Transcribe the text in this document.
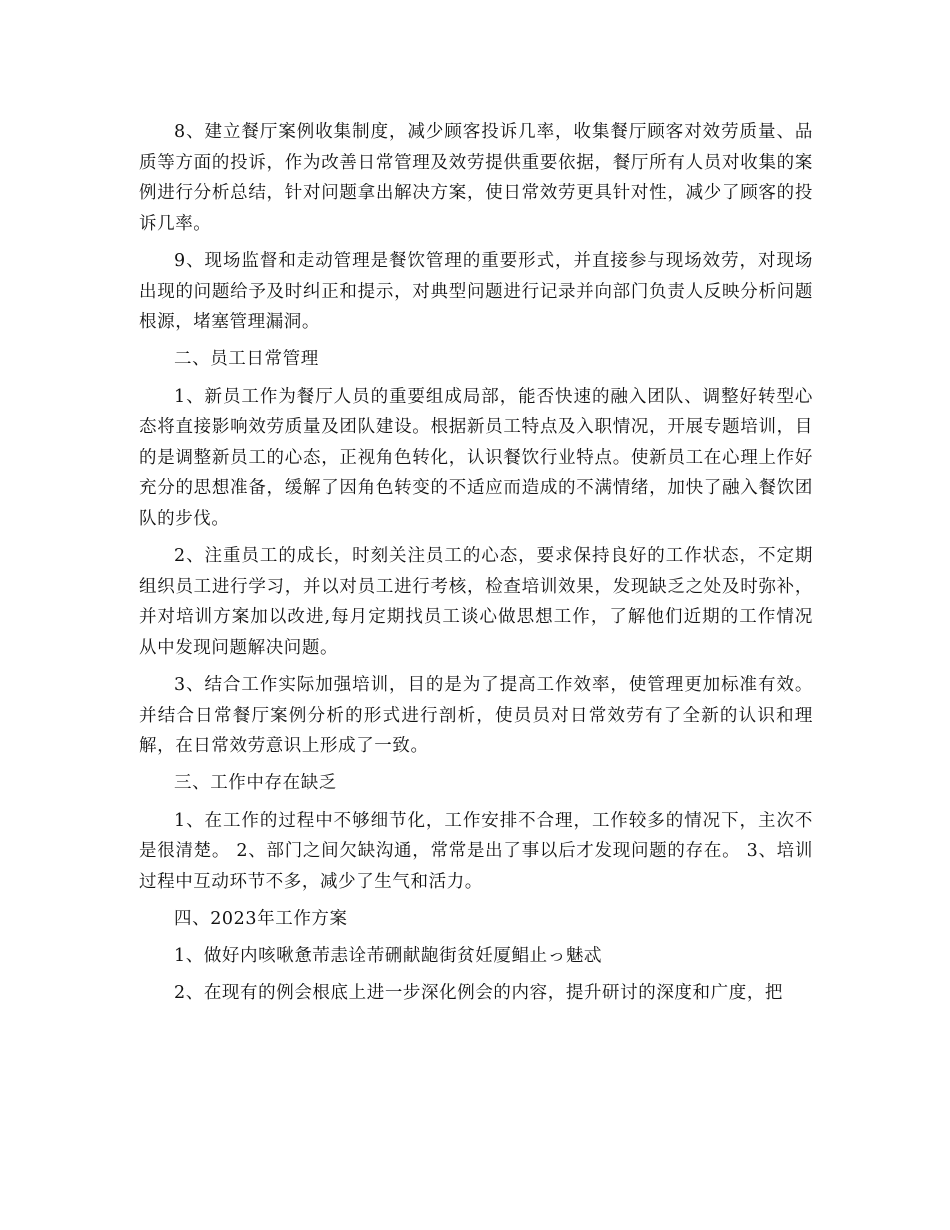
8、建立餐厅案例收集制度，减少顾客投诉几率，收集餐厅顾客对效劳质量、品质等方面的投诉，作为改善日常管理及效劳提供重要依据，餐厅所有人员对收集的案例进行分析总结，针对问题拿出解决方案，使日常效劳更具针对性，减少了顾客的投诉几率。

9、现场监督和走动管理是餐饮管理的重要形式，并直接参与现场效劳，对现场出现的问题给予及时纠正和提示，对典型问题进行记录并向部门负责人反映分析问题根源，堵塞管理漏洞。

二、员工日常管理

1、新员工作为餐厅人员的重要组成局部，能否快速的融入团队、调整好转型心态将直接影响效劳质量及团队建设。根据新员工特点及入职情况，开展专题培训，目的是调整新员工的心态，正视角色转化，认识餐饮行业特点。使新员工在心理上作好充分的思想准备，缓解了因角色转变的不适应而造成的不满情绪，加快了融入餐饮团队的步伐。

2、注重员工的成长，时刻关注员工的心态，要求保持良好的工作状态，不定期组织员工进行学习，并以对员工进行考核，检查培训效果，发现缺乏之处及时弥补，并对培训方案加以改进,每月定期找员工谈心做思想工作，了解他们近期的工作情况从中发现问题解决问题。

3、结合工作实际加强培训，目的是为了提高工作效率，使管理更加标准有效。并结合日常餐厅案例分析的形式进行剖析，使员员对日常效劳有了全新的认识和理解，在日常效劳意识上形成了一致。

三、工作中存在缺乏

1、在工作的过程中不够细节化，工作安排不合理，工作较多的情况下，主次不是很清楚。 2、部门之间欠缺沟通，常常是出了事以后才发现问题的存在。 3、培训过程中互动环节不多，减少了生气和活力。

四、2023年工作方案

1、做好内咳啾惫芾恚诠芾硎献龅街贫妊厦鲳止っ魅忒

2、在现有的例会根底上进一步深化例会的内容，提升研讨的深度和广度，把
